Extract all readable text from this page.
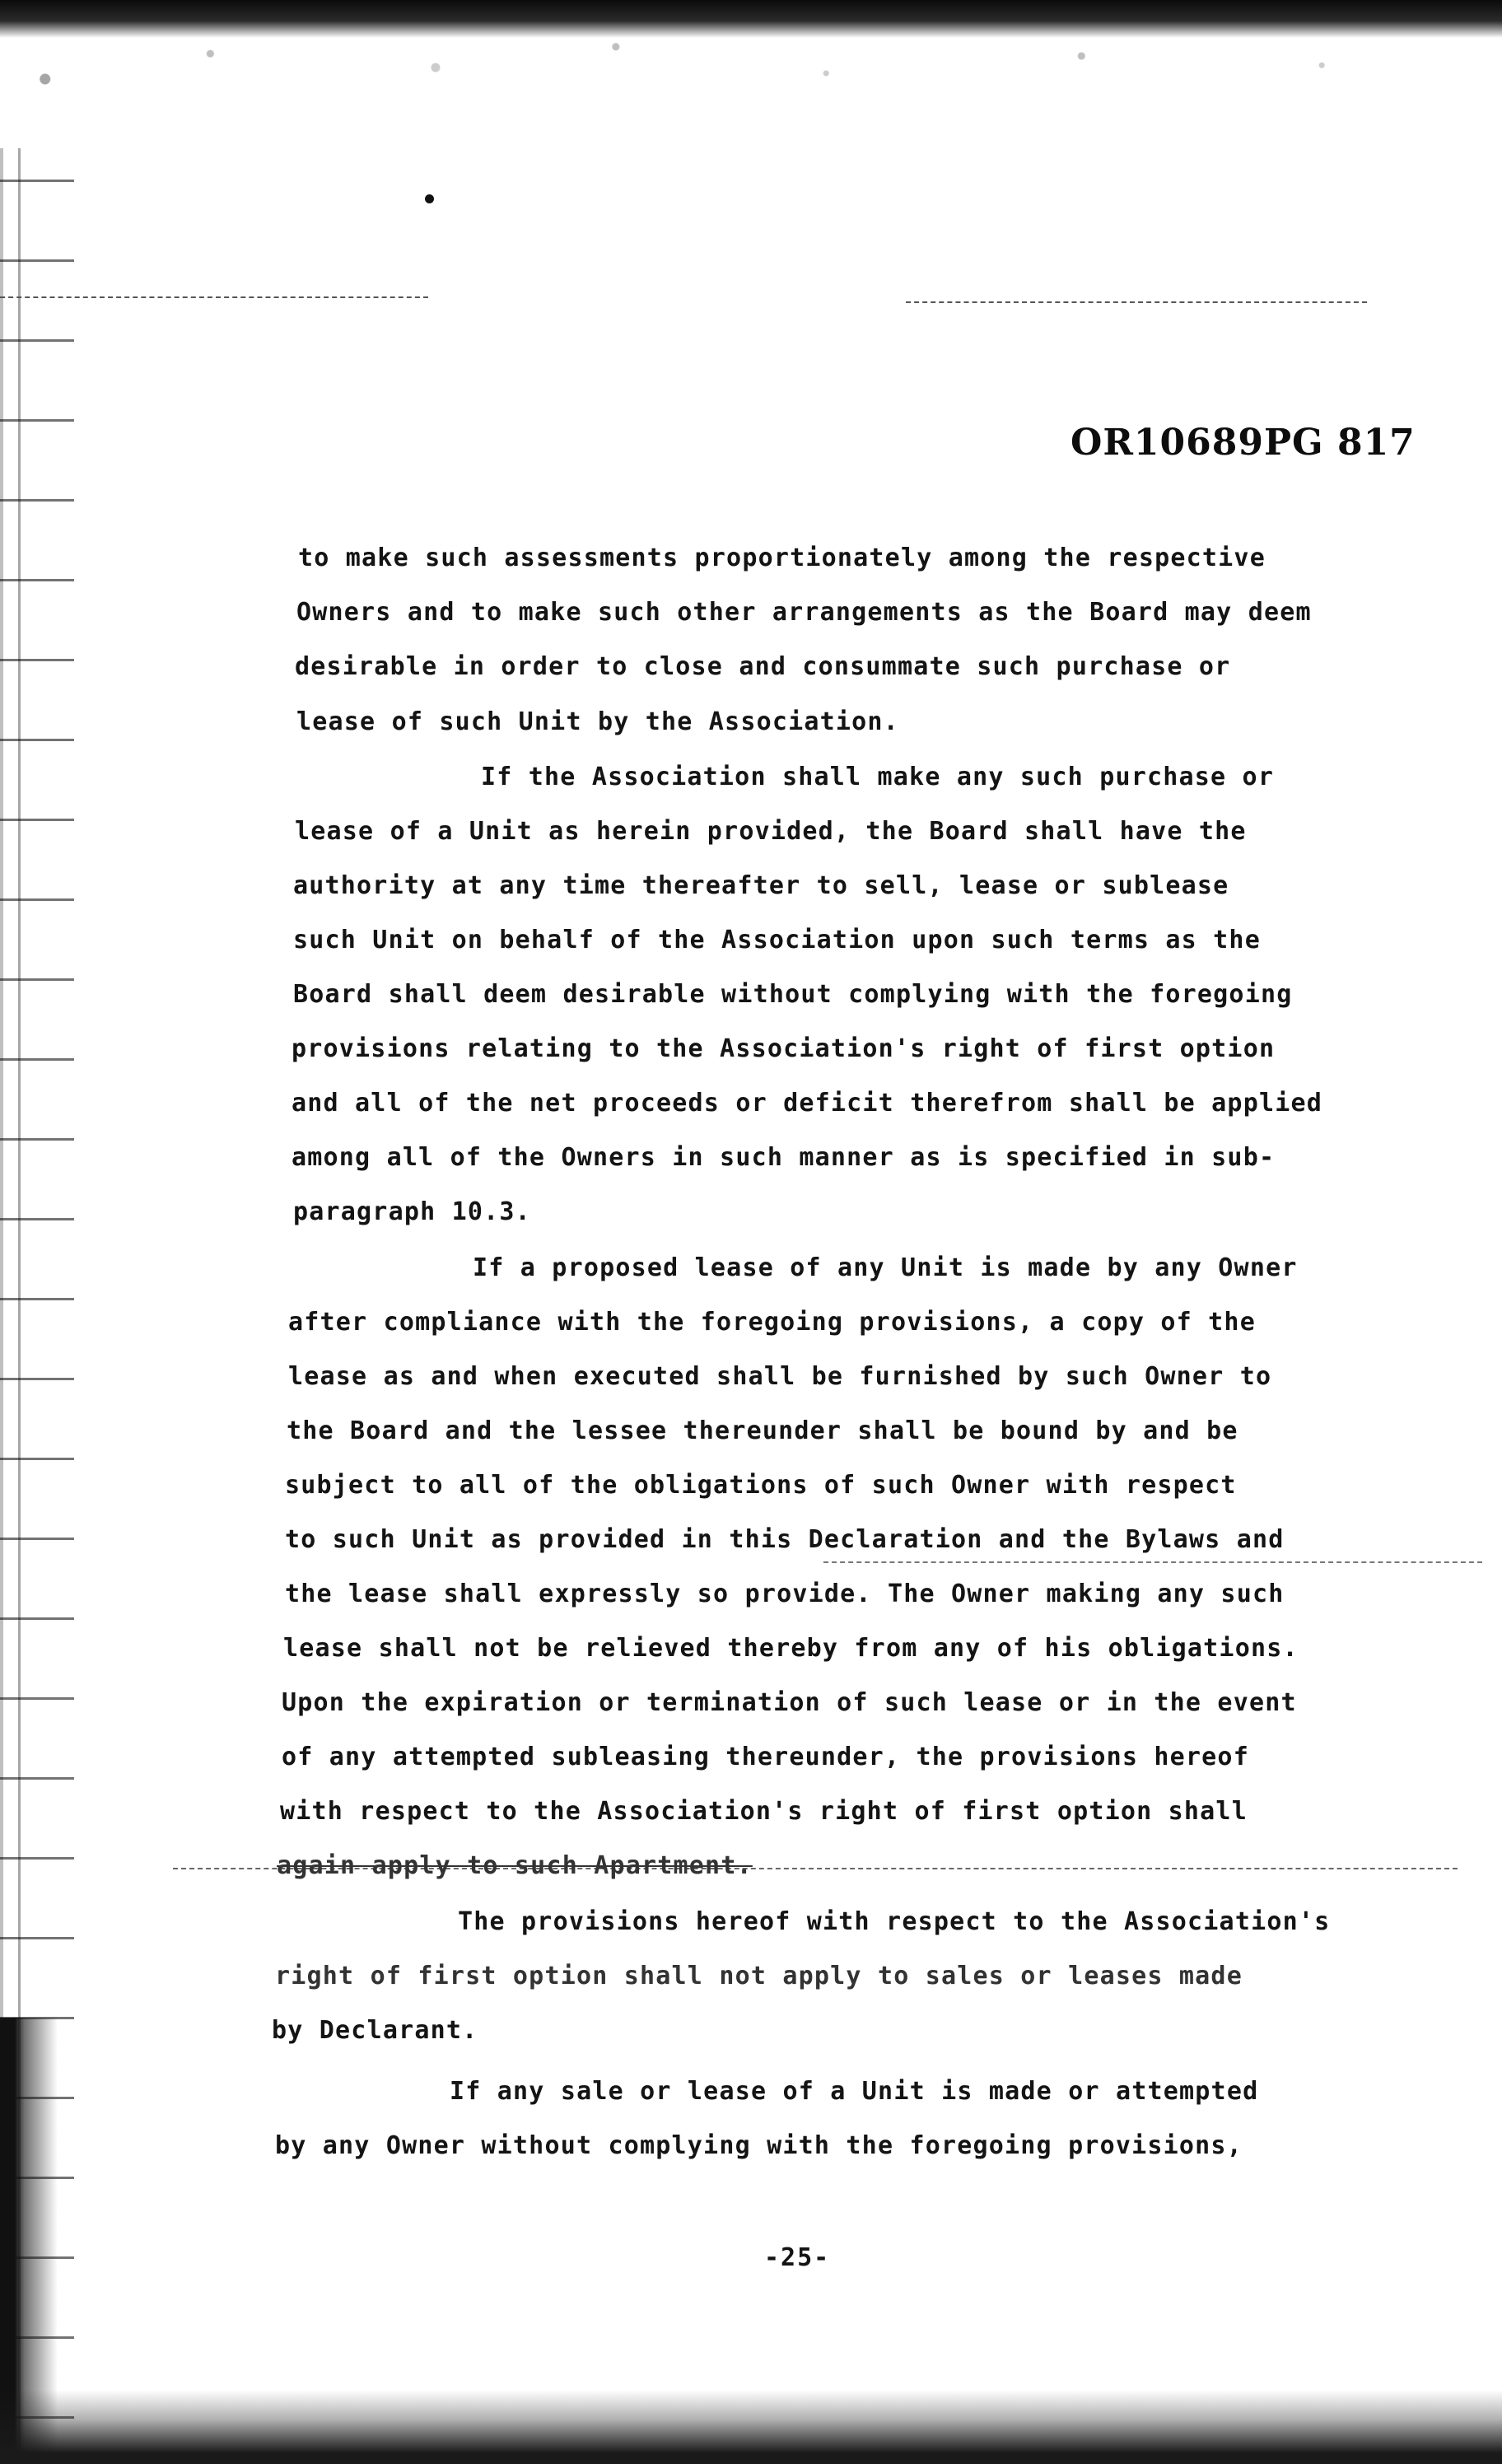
OR10689PG 817
to make such assessments proportionately among the respective
Owners and to make such other arrangements as the Board may deem
desirable in order to close and consummate such purchase or
lease of such Unit by the Association.
If the Association shall make any such purchase or
lease of a Unit as herein provided, the Board shall have the
authority at any time thereafter to sell, lease or sublease
such Unit on behalf of the Association upon such terms as the
Board shall deem desirable without complying with the foregoing
provisions relating to the Association's right of first option
and all of the net proceeds or deficit therefrom shall be applied
among all of the Owners in such manner as is specified in sub-
paragraph 10.3.
If a proposed lease of any Unit is made by any Owner
after compliance with the foregoing provisions, a copy of the
lease as and when executed shall be furnished by such Owner to
the Board and the lessee thereunder shall be bound by and be
subject to all of the obligations of such Owner with respect
to such Unit as provided in this Declaration and the Bylaws and
the lease shall expressly so provide. The Owner making any such
lease shall not be relieved thereby from any of his obligations.
Upon the expiration or termination of such lease or in the event
of any attempted subleasing thereunder, the provisions hereof
with respect to the Association's right of first option shall
again apply to such Apartment.
The provisions hereof with respect to the Association's
right of first option shall not apply to sales or leases made
by Declarant.
If any sale or lease of a Unit is made or attempted
by any Owner without complying with the foregoing provisions,
-25-
